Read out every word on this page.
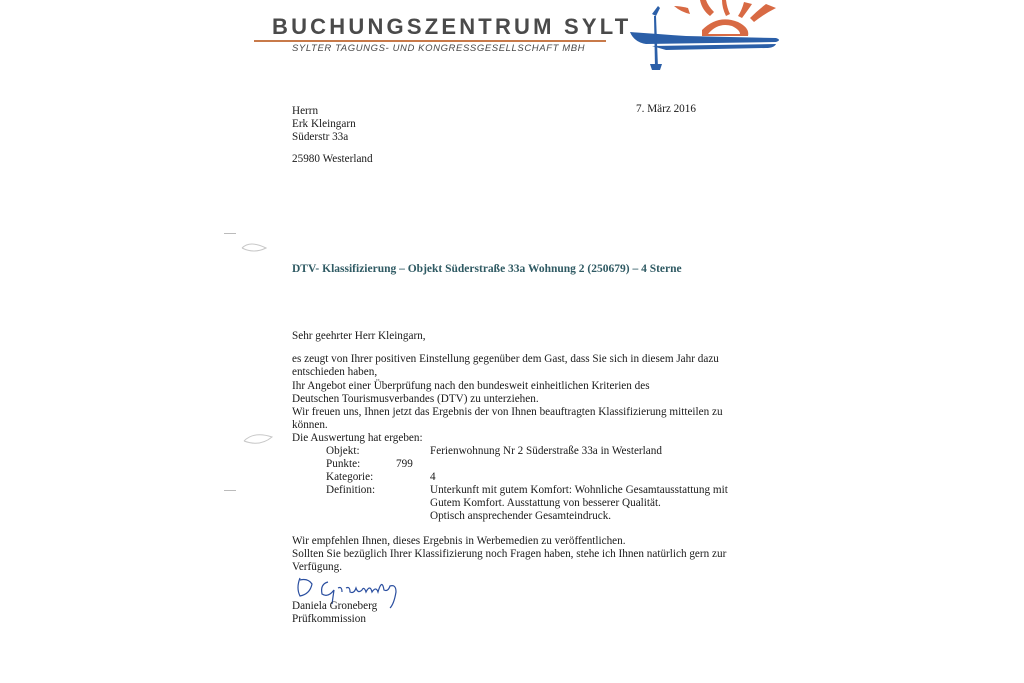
BUCHUNGSZENTRUM SYLT
SYLTER TAGUNGS- UND KONGRESSGESELLSCHAFT MBH
Herrn
Erk Kleingarn
Süderstr 33a
25980 Westerland
7. März 2016
DTV- Klassifizierung – Objekt Süderstraße 33a Wohnung 2 (250679) – 4 Sterne
Sehr geehrter Herr Kleingarn,
es zeugt von Ihrer positiven Einstellung gegenüber dem Gast, dass Sie sich in diesem Jahr dazu
entschieden haben,
Ihr Angebot einer Überprüfung nach den bundesweit einheitlichen Kriterien des
Deutschen Tourismusverbandes (DTV) zu unterziehen.
Wir freuen uns, Ihnen jetzt das Ergebnis der von Ihnen beauftragten Klassifizierung mitteilen zu
können.
Die Auswertung hat ergeben:
Objekt:	Ferienwohnung Nr 2 Süderstraße 33a in Westerland
Punkte:	799
Kategorie:	4
Definition:	Unterkunft mit gutem Komfort: Wohnliche Gesamtausstattung mit
Gutem Komfort. Ausstattung von besserer Qualität.
Optisch ansprechender Gesamteindruck.
Wir empfehlen Ihnen, dieses Ergebnis in Werbemedien zu veröffentlichen.
Sollten Sie bezüglich Ihrer Klassifizierung noch Fragen haben, stehe ich Ihnen natürlich gern zur
Verfügung.
Daniela Groneberg
Prüfkommission
